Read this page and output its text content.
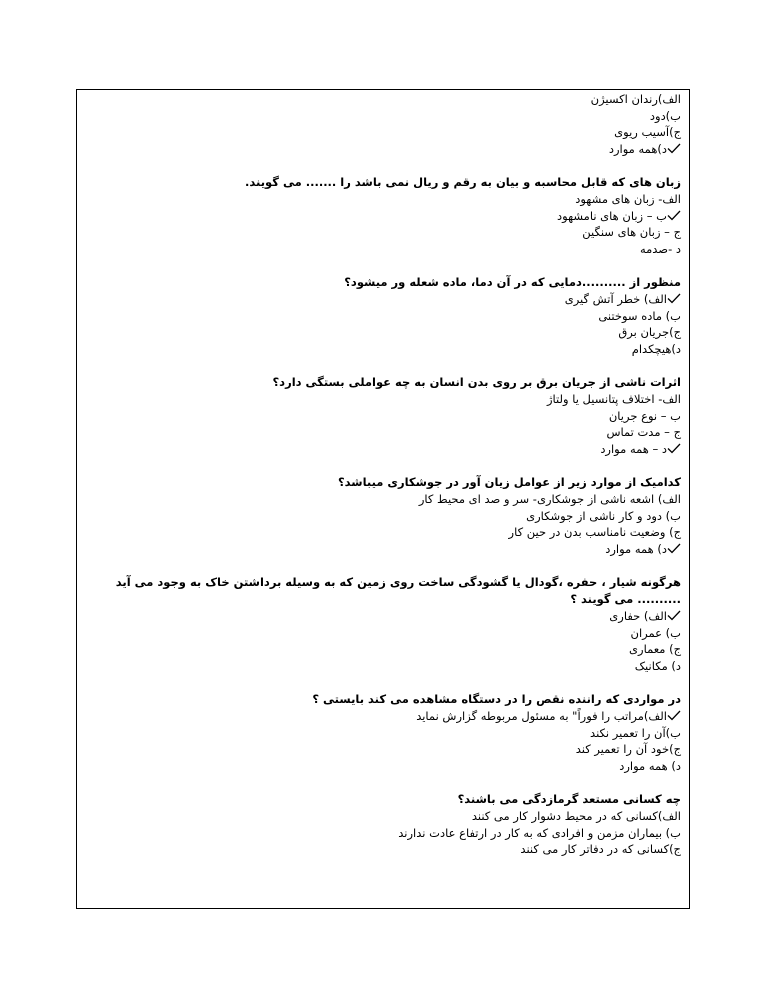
الف)رندان اکسیژن
ب)دود
ج)آسیب ریوی
د)همه موارد
زبان های که قابل محاسبه و بیان به رقم و ریال نمی باشد را ....... می گویند.
الف- زبان های مشهود
ب – زبان های نامشهود
ج – زبان های سنگین
د -صدمه
منظور از ..........دمایی که در آن دما، ماده شعله ور میشود؟
الف) خطر آتش گیری
ب) ماده سوختنی
ج)جریان برق
د)هیچکدام
اثرات ناشی از جریان برق بر روی بدن انسان به چه عواملی بستگی دارد؟
الف- اختلاف پتانسیل یا ولتاژ
ب – نوع جریان
ج – مدت تماس
د – همه موارد
کدامیک از موارد زیر از عوامل زیان آور در جوشکاری میباشد؟
الف) اشعه ناشی از جوشکاری- سر و صد ای محیط کار
ب) دود و کار ناشی از جوشکاری
ج) وضعیت نامناسب بدن در حین کار
د) همه موارد
هرگونه شیار ، حفره ،گودال یا گشودگی ساخت روی زمین که به وسیله برداشتن خاک به وجود می آید .......... می گویند ؟
الف) حفاری
ب) عمران
ج) معماری
د) مکانیک
در مواردی که راننده نقص را در دستگاه مشاهده می کند بایستی ؟
الف)مراتب را فوراً" به مسئول مربوطه گزارش نماید
ب)آن را تعمیر نکند
ج)خود آن را تعمیر کند
د) همه موارد
چه کسانی مستعد گرمازدگی می باشند؟
الف)کسانی که در محیط دشوار کار می کنند
ب) بیماران مزمن و افرادی که به کار در ارتفاع عادت ندارند
ج)کسانی که در دفاتر کار می کنند
